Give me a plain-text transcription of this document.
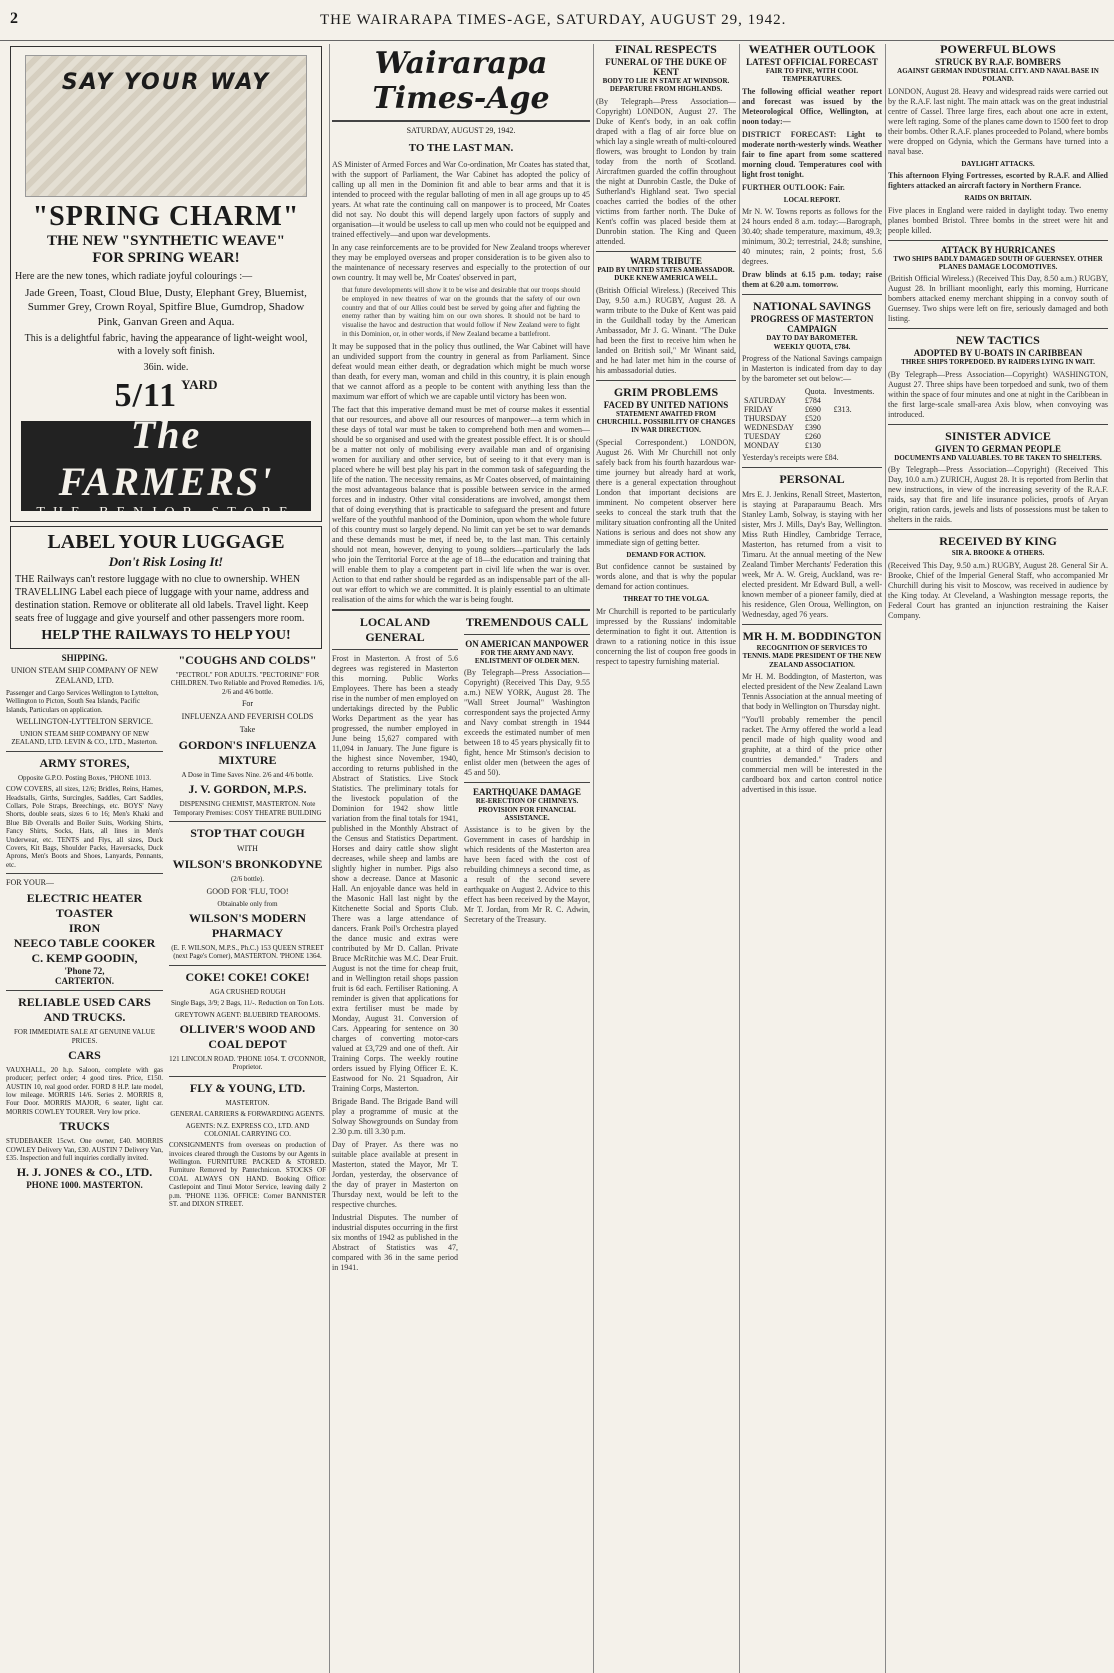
2	THE WAIRARAPA TIMES-AGE, SATURDAY, AUGUST 29, 1942.
SAY YOUR WAY
"SPRING CHARM"
THE NEW "SYNTHETIC WEAVE"
FOR SPRING WEAR!

Here are the new tones, which radiate joyful colourings :—

Jade Green, Toast, Cloud Blue, Dusty, Elephant Grey, Bluemist, Summer Grey, Crown Royal, Spitfire Blue, Gumdrop, Shadow Pink, Ganvan Green and Aqua.

This is a delightful fabric, having the appearance of light-weight wool, with a lovely soft finish.

36in. wide.

5/11 $^{YARD}$
The FARMERS'
THE BENJOR STORE
LABEL YOUR LUGGAGE
Don't Risk Losing It!

THE Railways can't restore luggage with no clue to ownership. WHEN TRAVELLING Label each piece of luggage with your name, address and destination station. Remove or obliterate all old labels. Travel light. Keep seats free of luggage and give yourself and other passengers more room.

HELP THE RAILWAYS TO HELP YOU!
SHIPPING.

UNION STEAM SHIP COMPANY OF NEW ZEALAND, LTD.

Passenger and Cargo Services Wellington to Lyttelton, Wellington to Picton, South Sea Islands, Pacific Islands, Particulars on application.

WELLINGTON-LYTTELTON SERVICE.

UNION STEAM SHIP COMPANY OF NEW ZEALAND, LTD. LEVIN & CO., LTD., Masterton.

ARMY STORES,

Opposite G.P.O. Posting Boxes, 'PHONE 1013.

COW COVERS, all sizes, 12/6; Bridles, Reins, Hames, Headstalls, Girths, Surcingles, Saddles, Cart Saddles, Collars, Pole Straps, Breechings, etc. BOYS' Navy Shorts, double seats, sizes 6 to 16; Men's Khaki and Blue Bib Overalls and Boiler Suits, Working Shirts, Fancy Shirts, Socks, Hats, all lines in Men's Underwear, etc. TENTS and Flys, all sizes, Duck Covers, Kit Bags, Shoulder Packs, Haversacks, Duck Aprons, Men's Boots and Shoes, Lanyards, Pennants, etc.

FOR YOUR—

ELECTRIC HEATER
TOASTER
IRON
NEECO TABLE COOKER
C. KEMP GOODIN,
'Phone 72,
CARTERTON.
RELIABLE USED CARS AND TRUCKS.

FOR IMMEDIATE SALE AT GENUINE VALUE PRICES.

CARS

VAUXHALL, 20 h.p. Saloon, complete with gas producer; perfect order; 4 good tires. Price, £150. AUSTIN 10, real good order. FORD 8 H.P. late model, low mileage. MORRIS 14/6. Series 2. MORRIS 8, Four Door. MORRIS MAJOR, 6 seater, light car. MORRIS COWLEY TOURER. Very low price.

TRUCKS

STUDEBAKER 15cwt. One owner, £40. MORRIS COWLEY Delivery Van, £30. AUSTIN 7 Delivery Van, £35. Inspection and full inquiries cordially invited.

H. J. JONES & CO., LTD.
PHONE 1000. MASTERTON.
"COUGHS AND COLDS"

"PECTROL" FOR ADULTS. "PECTORINE" FOR CHILDREN. Two Reliable and Proved Remedies. 1/6, 2/6 and 4/6 bottle.

For

INFLUENZA AND FEVERISH COLDS

Take

GORDON'S INFLUENZA MIXTURE

A Dose in Time Saves Nine. 2/6 and 4/6 bottle.

J. V. GORDON, M.P.S.

DISPENSING CHEMIST, MASTERTON. Note Temporary Premises: COSY THEATRE BUILDING

STOP THAT COUGH

WITH

WILSON'S BRONKODYNE

(2/6 bottle).

GOOD FOR 'FLU, TOO!

Obtainable only from

WILSON'S MODERN PHARMACY

(E. F. WILSON, M.P.S., Ph.C.) 153 QUEEN STREET (next Page's Corner), MASTERTON. 'PHONE 1364.

COKE! COKE! COKE!

AGA CRUSHED ROUGH

Single Bags, 3/9; 2 Bags, 11/-. Reduction on Ton Lots.

GREYTOWN AGENT: BLUEBIRD TEAROOMS.

OLLIVER'S WOOD AND COAL DEPOT

121 LINCOLN ROAD. 'PHONE 1054. T. O'CONNOR, Proprietor.

FLY & YOUNG, LTD.

MASTERTON.

GENERAL CARRIERS & FORWARDING AGENTS.

AGENTS: N.Z. EXPRESS CO., LTD. AND COLONIAL CARRYING CO.

CONSIGNMENTS from overseas on production of invoices cleared through the Customs by our Agents in Wellington. FURNITURE PACKED & STORED. Furniture Removed by Pantechnicon. STOCKS OF COAL ALWAYS ON HAND. Booking Office: Castlepoint and Tinui Motor Service, leaving daily 2 p.m. 'PHONE 1136. OFFICE: Corner BANNISTER ST. and DIXON STREET.

Wairarapa Times-Age
SATURDAY, AUGUST 29, 1942.
TO THE LAST MAN.

AS Minister of Armed Forces and War Co-ordination, Mr Coates has stated that, with the support of Parliament, the War Cabinet has adopted the policy of calling up all men in the Dominion fit and able to bear arms and that it is intended to proceed with the regular balloting of men in all age groups up to 45 years. At what rate the continuing call on manpower is to proceed, Mr Coates did not say. No doubt this will depend largely upon factors of supply and organisation—it would be useless to call up men who could not be equipped and trained effectively—and upon war developments.

In any case reinforcements are to be provided for New Zealand troops wherever they may be employed overseas and proper consideration is to be given also to the maintenance of necessary reserves and especially to the protection of our own country. It may well be, Mr Coates' observed in part,

that future developments will show it to be wise and desirable that our troops should be employed in new theatres of war on the grounds that the safety of our own country and that of our Allies could best be served by going after and fighting the enemy rather than by waiting him on our own shores. It should not be hard to visualise the havoc and destruction that would follow if New Zealand were to fight in this Dominion, or, in other words, if New Zealand became a battlefront.

It may be supposed that in the policy thus outlined, the War Cabinet will have an undivided support from the country in general as from Parliament. Since defeat would mean either death, or degradation which might be much worse than death, for every man, woman and child in this country, it is plain enough that we cannot afford as a people to be content with anything less than the maximum war effort of which we are capable until victory has been won.

The fact that this imperative demand must be met of course makes it essential that our resources, and above all our resources of manpower—a term which in these days of total war must be taken to comprehend both men and women—should be so organised and used with the greatest possible effect. It is or should be a matter not only of mobilising every available man and of organising women for auxiliary and other service, but of seeing to it that every man is placed where he will best play his part in the common task of safeguarding the life of the nation. The necessity remains, as Mr Coates observed, of maintaining the most advantageous balance that is possible between service in the armed forces and in industry. Other vital considerations are involved, amongst them that of doing everything that is practicable to safeguard the present and future welfare of the youthful manhood of the Dominion, upon whom the whole future of this country must so largely depend. No limit can yet be set to war demands and these demands must be met, if need be, to the last man. This certainly should not mean, however, denying to young soldiers—particularly the lads who join the Territorial Force at the age of 18—the education and training that will enable them to play a competent part in civil life when the war is over. Action to that end rather should be regarded as an indispensable part of the all-out war effort to which we are committed. It is plainly essential to an ultimate realisation of the aims for which the war is being fought.

LOCAL AND GENERAL

Frost in Masterton. A frost of 5.6 degrees was registered in Masterton this morning. Public Works Employees. There has been a steady rise in the number of men employed on undertakings directed by the Public Works Department as the year has progressed, the number employed in June being 15,627 compared with 11,094 in January. The June figure is the highest since November, 1940, according to returns published in the Abstract of Statistics. Live Stock Statistics. The preliminary totals for the livestock population of the Dominion for 1942 show little variation from the final totals for 1941, published in the Monthly Abstract of the Census and Statistics Department. Horses and dairy cattle show slight decreases, while sheep and lambs are slightly higher in number. Pigs also show a decrease. Dance at Masonic Hall. An enjoyable dance was held in the Masonic Hall last night by the Kitchenette Social and Sports Club. There was a large attendance of dancers. Frank Poil's Orchestra played the dance music and extras were contributed by Mr D. Callan. Private Bruce McRitchie was M.C. Dear Fruit. August is not the time for cheap fruit, and in Wellington retail shops passion fruit is 6d each. Fertiliser Rationing. A reminder is given that applications for extra fertiliser must be made by Monday, August 31. Conversion of Cars. Appearing for sentence on 30 charges of converting motor-cars valued at £3,729 and one of theft. Air Training Corps. The weekly routine orders issued by Flying Officer E. K. Eastwood for No. 21 Squadron, Air Training Corps, Masterton.

Brigade Band. The Brigade Band will play a programme of music at the Solway Showgrounds on Sunday from 2.30 p.m. till 3.30 p.m.

Day of Prayer. As there was no suitable place available at present in Masterton, stated the Mayor, Mr T. Jordan, yesterday, the observance of the day of prayer in Masterton on Thursday next, would be left to the respective churches.

Industrial Disputes. The number of industrial disputes occurring in the first six months of 1942 as published in the Abstract of Statistics was 47, compared with 36 in the same period in 1941.

TREMENDOUS CALL
ON AMERICAN MANPOWER
FOR THE ARMY AND NAVY. ENLISTMENT OF OLDER MEN.

(By Telegraph—Press Association—Copyright) (Received This Day, 9.55 a.m.) NEW YORK, August 28. The "Wall Street Journal" Washington correspondent says the projected Army and Navy combat strength in 1944 exceeds the estimated number of men between 18 to 45 years physically fit to fight, hence Mr Stimson's decision to enlist older men (between the ages of 45 and 50).

EARTHQUAKE DAMAGE
RE-ERECTION OF CHIMNEYS. PROVISION FOR FINANCIAL ASSISTANCE.

Assistance is to be given by the Government in cases of hardship in which residents of the Masterton area have been faced with the cost of rebuilding chimneys a second time, as a result of the second severe earthquake on August 2. Advice to this effect has been received by the Mayor, Mr T. Jordan, from Mr R. C. Adwin, Secretary of the Treasury.

FINAL RESPECTS
FUNERAL OF THE DUKE OF KENT
BODY TO LIE IN STATE AT WINDSOR. DEPARTURE FROM HIGHLANDS.

(By Telegraph—Press Association—Copyright) LONDON, August 27. The Duke of Kent's body, in an oak coffin draped with a flag of air force blue on which lay a single wreath of multi-coloured flowers, was brought to London by train today from the north of Scotland. Aircraftmen guarded the coffin throughout the night at Dunrobin Castle, the Duke of Sutherland's Highland seat. Two special coaches carried the bodies of the other victims from farther north. The Duke of Kent's coffin was placed beside them at Dunrobin station. The King and Queen attended.

WARM TRIBUTE
PAID BY UNITED STATES AMBASSADOR. DUKE KNEW AMERICA WELL.

(British Official Wireless.) (Received This Day, 9.50 a.m.) RUGBY, August 28. A warm tribute to the Duke of Kent was paid in the Guildhall today by the American Ambassador, Mr J. G. Winant. "The Duke had been the first to receive him when he landed on British soil," Mr Winant said, and he had later met him in the course of his ambassadorial duties.

GRIM PROBLEMS
FACED BY UNITED NATIONS
STATEMENT AWAITED FROM CHURCHILL. POSSIBILITY OF CHANGES IN WAR DIRECTION.

(Special Correspondent.) LONDON, August 26. With Mr Churchill not only safely back from his fourth hazardous war-time journey but already hard at work, there is a general expectation throughout London that important decisions are imminent. No competent observer here seeks to conceal the stark truth that the military situation confronting all the United Nations is serious and does not show any immediate sign of getting better.

DEMAND FOR ACTION.

But confidence cannot be sustained by words alone, and that is why the popular demand for action continues.

THREAT TO THE VOLGA.

Mr Churchill is reported to be particularly impressed by the Russians' indomitable determination to fight it out. Attention is drawn to a rationing notice in this issue concerning the list of coupon free goods in respect to tapestry furnishing material.

WEATHER OUTLOOK
LATEST OFFICIAL FORECAST
FAIR TO FINE, WITH COOL TEMPERATURES.

The following official weather report and forecast was issued by the Meteorological Office, Wellington, at noon today:—

DISTRICT FORECAST: Light to moderate north-westerly winds. Weather fair to fine apart from some scattered morning cloud. Temperatures cool with light frost tonight.

FURTHER OUTLOOK: Fair.

LOCAL REPORT.

Mr N. W. Towns reports as follows for the 24 hours ended 8 a.m. today:—Barograph, 30.40; shade temperature, maximum, 49.3; minimum, 30.2; terrestrial, 24.8; sunshine, 40 minutes; rain, 2 points; frost, 5.6 degrees.

Draw blinds at 6.15 p.m. today; raise them at 6.20 a.m. tomorrow.

NATIONAL SAVINGS
PROGRESS OF MASTERTON CAMPAIGN
DAY TO DAY BAROMETER.
WEEKLY QUOTA, £784.

Progress of the National Savings campaign in Masterton is indicated from day to day by the barometer set out below:—

	Quota.	Investments.
SATURDAY	£784	
FRIDAY	£690	£313.
THURSDAY	£520	
WEDNESDAY	£390	
TUESDAY	£260	
MONDAY	£130	

Yesterday's receipts were £84.

PERSONAL

Mrs E. J. Jenkins, Renall Street, Masterton, is staying at Paraparaumu Beach. Mrs Stanley Lamb, Solway, is staying with her sister, Mrs J. Mills, Day's Bay, Wellington. Miss Ruth Hindley, Cambridge Terrace, Masterton, has returned from a visit to Timaru. At the annual meeting of the New Zealand Timber Merchants' Federation this week, Mr A. W. Greig, Auckland, was re-elected president. Mr Edward Bull, a well-known member of a pioneer family, died at his residence, Glen Oroua, Wellington, on Wednesday, aged 76 years.

MR H. M. BODDINGTON
RECOGNITION OF SERVICES TO TENNIS. MADE PRESIDENT OF THE NEW ZEALAND ASSOCIATION.

Mr H. M. Boddington, of Masterton, was elected president of the New Zealand Lawn Tennis Association at the annual meeting of that body in Wellington on Thursday night.

"You'll probably remember the pencil racket. The Army offered the world a lead pencil made of high quality wood and graphite, at a third of the price other countries demanded." Traders and commercial men will be interested in the cardboard box and carton control notice advertised in this issue.

POWERFUL BLOWS
STRUCK BY R.A.F. BOMBERS
AGAINST GERMAN INDUSTRIAL CITY. AND NAVAL BASE IN POLAND.

LONDON, August 28. Heavy and widespread raids were carried out by the R.A.F. last night. The main attack was on the great industrial centre of Cassel. Three large fires, each about one acre in extent, were left raging. Some of the planes came down to 1500 feet to drop their bombs. Other R.A.F. planes proceeded to Poland, where bombs were dropped on Gdynia, which the Germans have turned into a naval base.

DAYLIGHT ATTACKS.

This afternoon Flying Fortresses, escorted by R.A.F. and Allied fighters attacked an aircraft factory in Northern France.

RAIDS ON BRITAIN.

Five places in England were raided in daylight today. Two enemy planes bombed Bristol. Three bombs in the street were hit and people killed.

ATTACK BY HURRICANES
TWO SHIPS BADLY DAMAGED SOUTH OF GUERNSEY. OTHER PLANES DAMAGE LOCOMOTIVES.

(British Official Wireless.) (Received This Day, 8.50 a.m.) RUGBY, August 28. In brilliant moonlight, early this morning, Hurricane bombers attacked enemy merchant shipping in a convoy south of Guernsey. Two ships were left on fire, seriously damaged and both listing.

NEW TACTICS
ADOPTED BY U-BOATS IN CARIBBEAN
THREE SHIPS TORPEDOED. BY RAIDERS LYING IN WAIT.

(By Telegraph—Press Association—Copyright) WASHINGTON, August 27. Three ships have been torpedoed and sunk, two of them within the space of four minutes and one at night in the Caribbean in the first large-scale small-area Axis blow, when convoying was introduced.

SINISTER ADVICE
GIVEN TO GERMAN PEOPLE
DOCUMENTS AND VALUABLES. TO BE TAKEN TO SHELTERS.

(By Telegraph—Press Association—Copyright) (Received This Day, 10.0 a.m.) ZURICH, August 28. It is reported from Berlin that new instructions, in view of the increasing severity of the R.A.F. raids, say that fire and life insurance policies, proofs of Aryan origin, ration cards, jewels and lists of possessions must be taken to shelters in the raids.

RECEIVED BY KING
SIR A. BROOKE & OTHERS.

(Received This Day, 9.50 a.m.) RUGBY, August 28. General Sir A. Brooke, Chief of the Imperial General Staff, who accompanied Mr Churchill during his visit to Moscow, was received in audience by the King today. At Cleveland, a Washington message reports, the Federal Court has granted an injunction restraining the Kaiser Company.
